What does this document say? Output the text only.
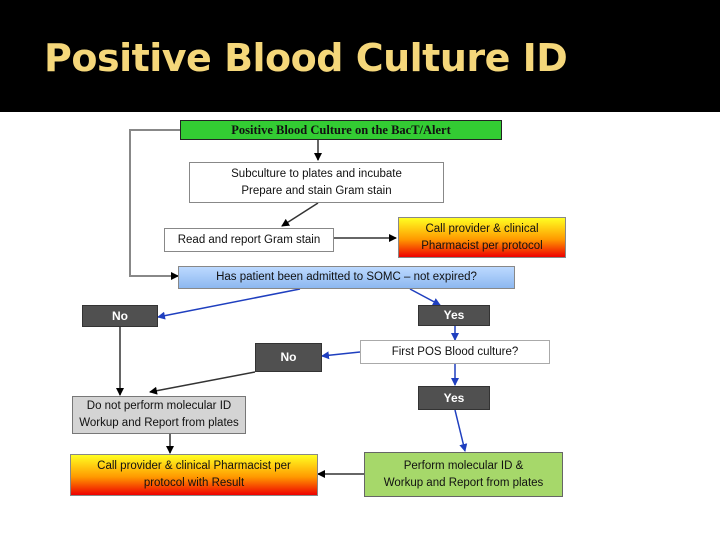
Positive Blood Culture ID
Positive Blood Culture on the BacT/Alert
Subculture to plates and incubate
Prepare and stain Gram stain
Read and report Gram stain
Call provider & clinical
Pharmacist per protocol
Has patient been admitted to SOMC – not expired?
No	Yes
No	First POS Blood culture?
Yes
Do not perform molecular ID
Workup and Report from plates
Call provider & clinical Pharmacist per
protocol with Result
Perform molecular ID &
Workup and Report from plates
